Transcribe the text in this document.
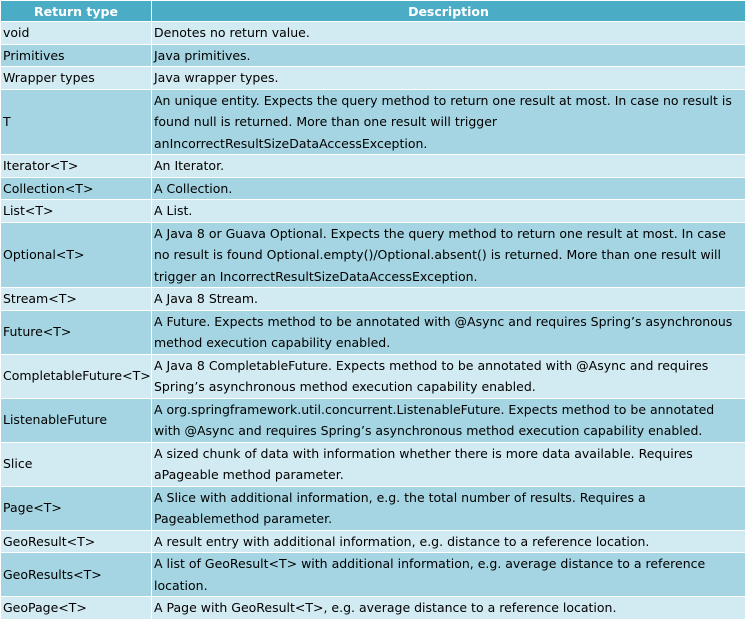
Return type	Description
void	Denotes no return value.
Primitives	Java primitives.
Wrapper types	Java wrapper types.
T	An unique entity. Expects the query method to return one result at most. In case no result is found null is returned. More than one result will trigger anIncorrectResultSizeDataAccessException.
Iterator<T>	An Iterator.
Collection<T>	A Collection.
List<T>	A List.
Optional<T>	A Java 8 or Guava Optional. Expects the query method to return one result at most. In case no result is found Optional.empty()/Optional.absent() is returned. More than one result will trigger an IncorrectResultSizeDataAccessException.
Stream<T>	A Java 8 Stream.
Future<T>	A Future. Expects method to be annotated with @Async and requires Spring’s asynchronous method execution capability enabled.
CompletableFuture<T>	A Java 8 CompletableFuture. Expects method to be annotated with @Async and requires Spring’s asynchronous method execution capability enabled.
ListenableFuture	A org.springframework.util.concurrent.ListenableFuture. Expects method to be annotated with @Async and requires Spring’s asynchronous method execution capability enabled.
Slice	A sized chunk of data with information whether there is more data available. Requires aPageable method parameter.
Page<T>	A Slice with additional information, e.g. the total number of results. Requires a Pageablemethod parameter.
GeoResult<T>	A result entry with additional information, e.g. distance to a reference location.
GeoResults<T>	A list of GeoResult<T> with additional information, e.g. average distance to a reference location.
GeoPage<T>	A Page with GeoResult<T>, e.g. average distance to a reference location.
